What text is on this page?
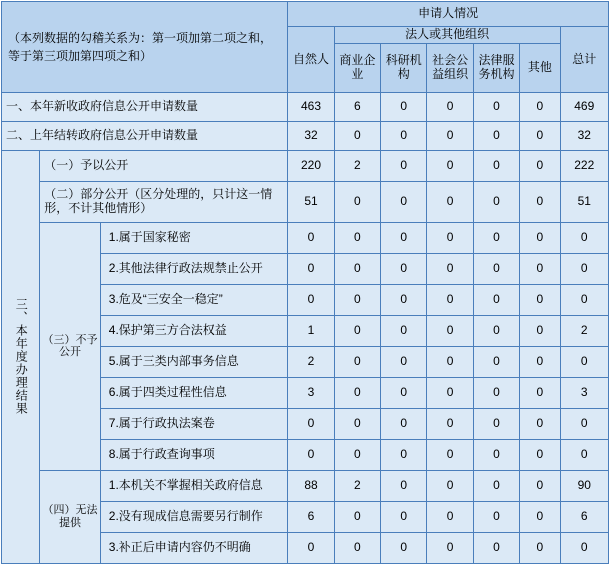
（本列数据的勾稽关系为：第一项加第二项之和，等于第三项加第四项之和）			申请人情况						
			自然人	法人或其他组织					总计
				商业企业	科研机构	社会公益组织	法律服务机构	其他	
一、本年新收政府信息公开申请数量			463	6	0	0	0	0	469
二、上年结转政府信息公开申请数量			32	0	0	0	0	0	32

三、本年度办理结果	（一）予以公开		220	2	0	0	0	0	222
	（二）部分公开（区分处理的，只计这一情形，不计其他情形）		51	0	0	0	0	0	51
	（三）不予公开	1.属于国家秘密	0	0	0	0	0	0	0
		2.其他法律行政法规禁止公开	0	0	0	0	0	0	0
		3.危及“三安全一稳定”	0	0	0	0	0	0	0
		4.保护第三方合法权益	1	0	0	0	0	0	2
		5.属于三类内部事务信息	2	0	0	0	0	0	0
		6.属于四类过程性信息	3	0	0	0	0	0	3
		7.属于行政执法案卷	0	0	0	0	0	0	0
		8.属于行政查询事项	0	0	0	0	0	0	0
	（四）无法提供	1.本机关不掌握相关政府信息	88	2	0	0	0	0	90
		2.没有现成信息需要另行制作	6	0	0	0	0	0	6
		3.补正后申请内容仍不明确	0	0	0	0	0	0	0
